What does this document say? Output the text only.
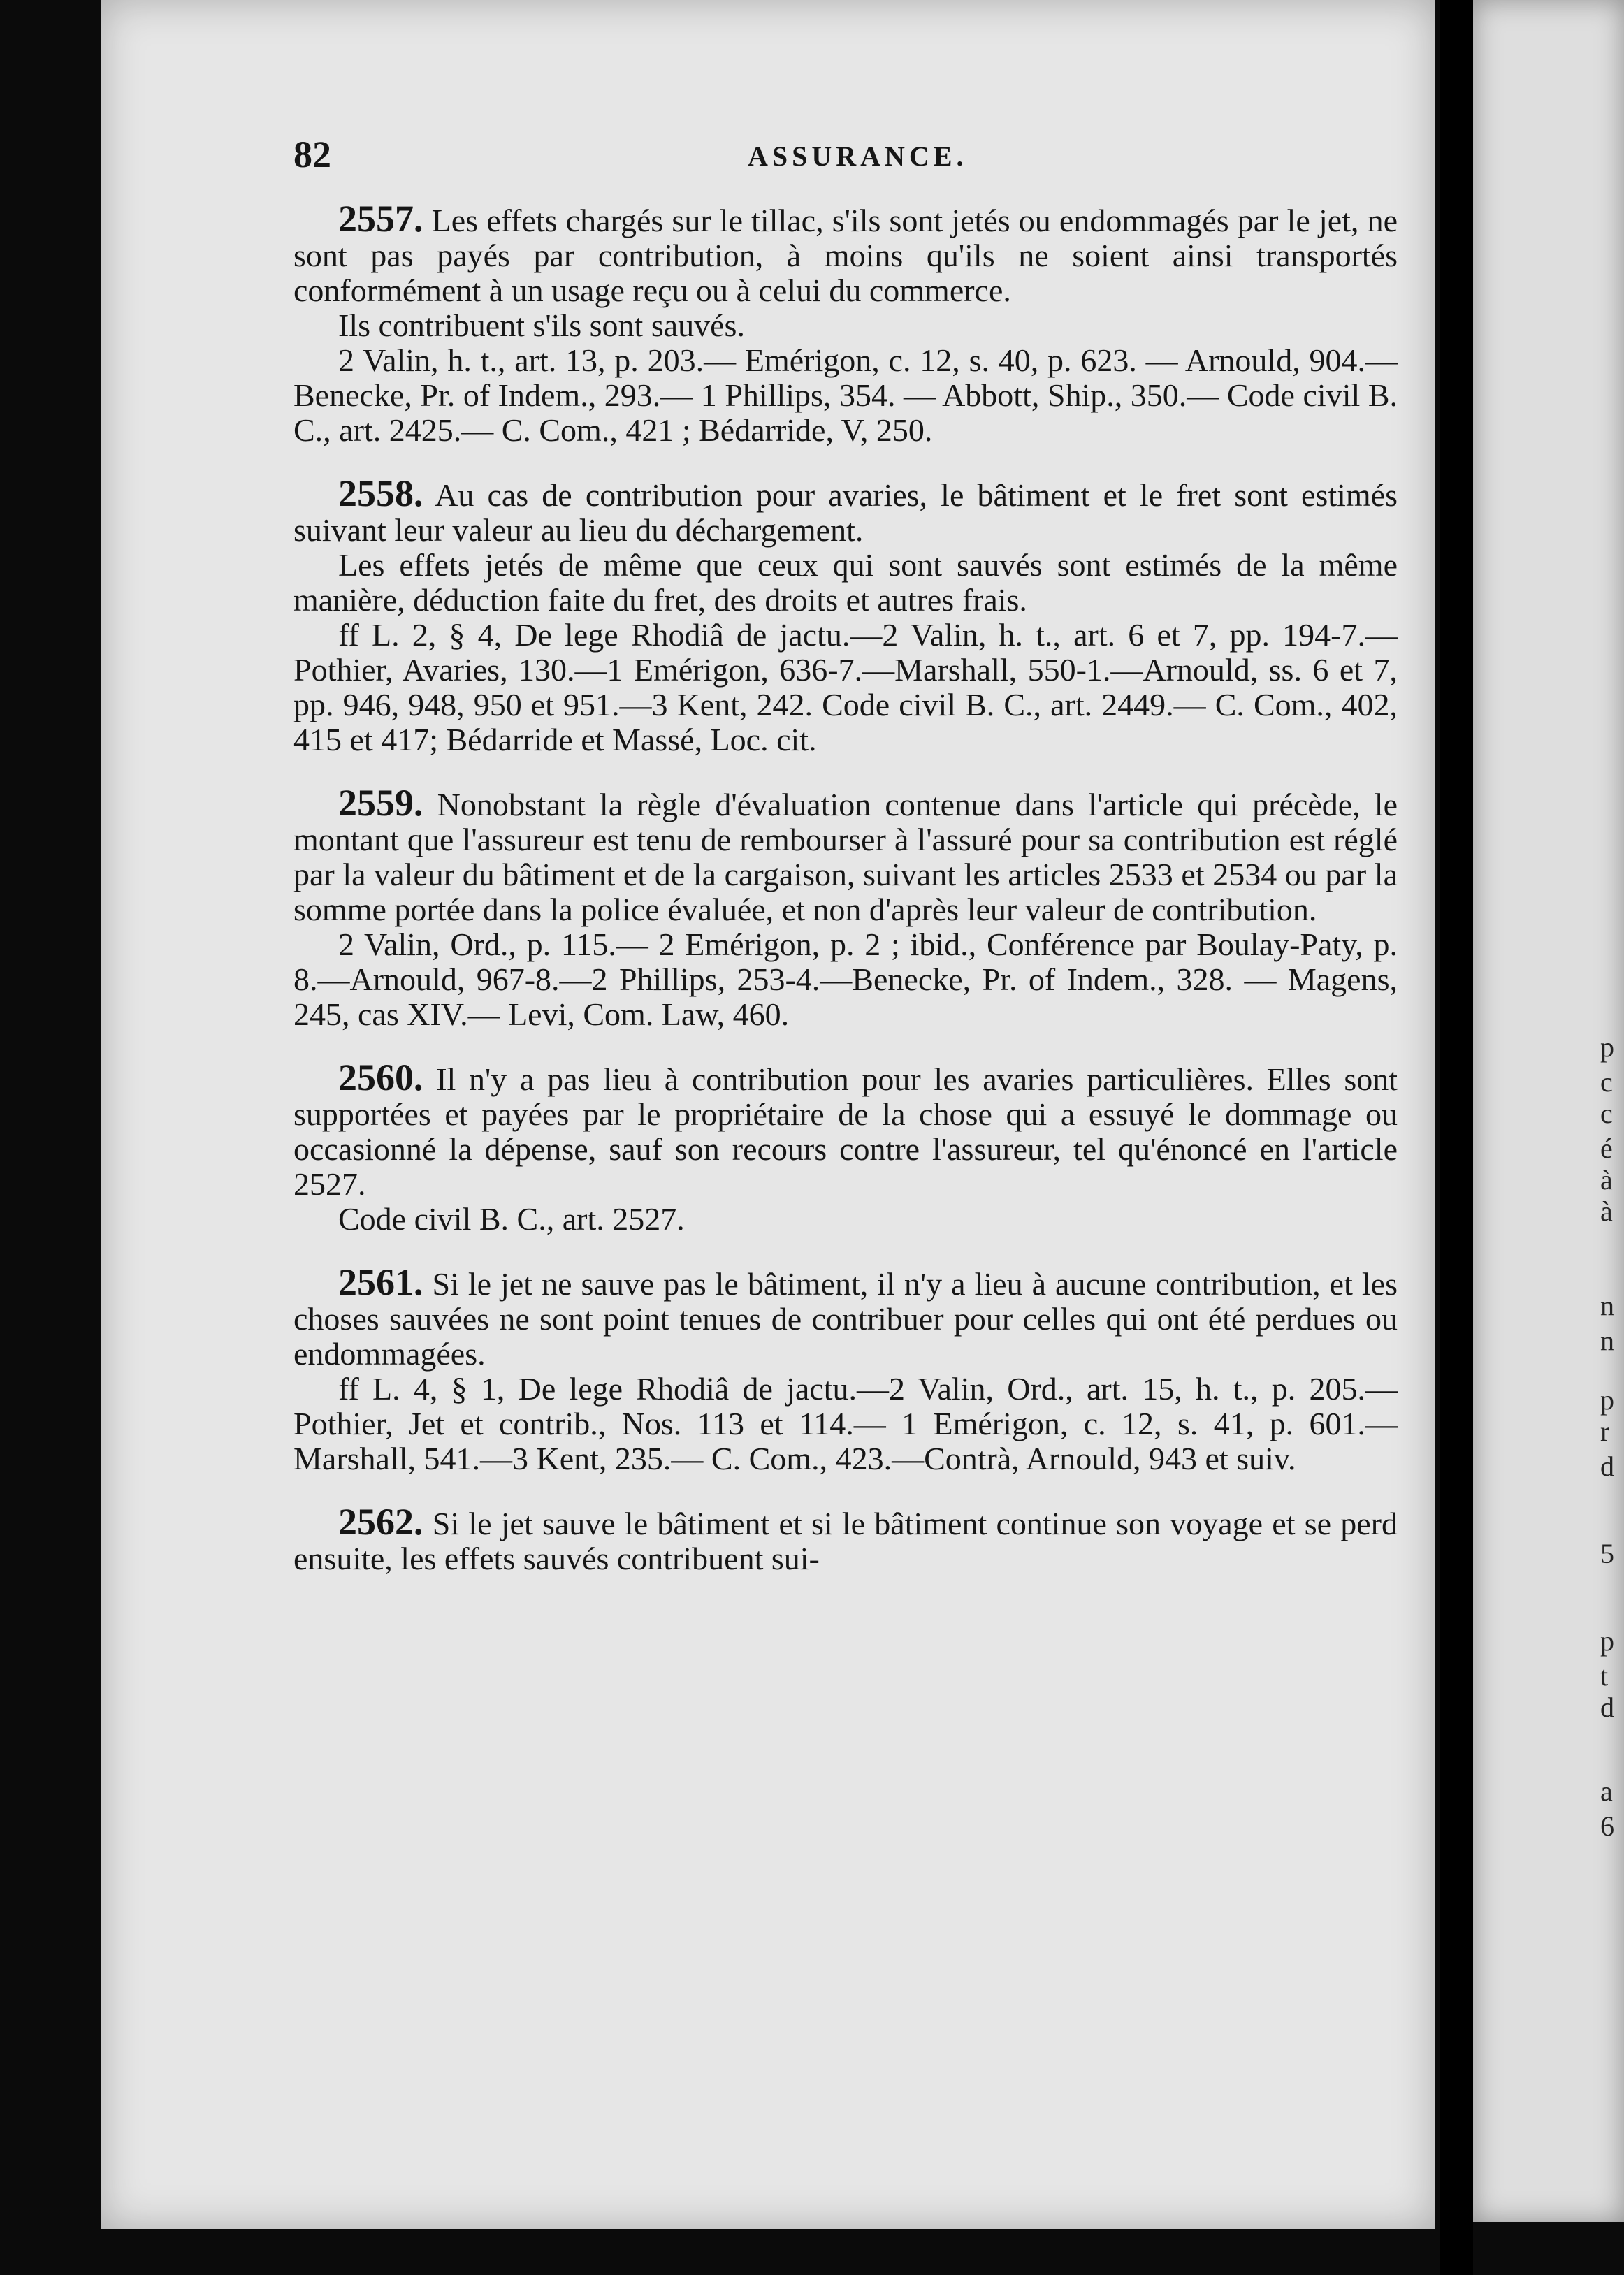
82	ASSURANCE.

2557. Les effets chargés sur le tillac, s'ils sont jetés ou endommagés par le jet, ne sont pas payés par contribution, à moins qu'ils ne soient ainsi transportés conformément à un usage reçu ou à celui du commerce.

Ils contribuent s'ils sont sauvés.

2 Valin, h. t., art. 13, p. 203.— Emérigon, c. 12, s. 40, p. 623. — Arnould, 904.—Benecke, Pr. of Indem., 293.— 1 Phillips, 354. — Abbott, Ship., 350.— Code civil B. C., art. 2425.— C. Com., 421 ; Bédarride, V, 250.

2558. Au cas de contribution pour avaries, le bâtiment et le fret sont estimés suivant leur valeur au lieu du déchargement.

Les effets jetés de même que ceux qui sont sauvés sont estimés de la même manière, déduction faite du fret, des droits et autres frais.

ff L. 2, § 4, De lege Rhodiâ de jactu.—2 Valin, h. t., art. 6 et 7, pp. 194-7.—Pothier, Avaries, 130.—1 Emérigon, 636-7.—Marshall, 550-1.—Arnould, ss. 6 et 7, pp. 946, 948, 950 et 951.—3 Kent, 242. Code civil B. C., art. 2449.— C. Com., 402, 415 et 417; Bédarride et Massé, Loc. cit.

2559. Nonobstant la règle d'évaluation contenue dans l'article qui précède, le montant que l'assureur est tenu de rembourser à l'assuré pour sa contribution est réglé par la valeur du bâtiment et de la cargaison, suivant les articles 2533 et 2534 ou par la somme portée dans la police évaluée, et non d'après leur valeur de contribution.

2 Valin, Ord., p. 115.— 2 Emérigon, p. 2 ; ibid., Conférence par Boulay-Paty, p. 8.—Arnould, 967-8.—2 Phillips, 253-4.—Benecke, Pr. of Indem., 328. — Magens, 245, cas XIV.— Levi, Com. Law, 460.

2560. Il n'y a pas lieu à contribution pour les avaries particulières. Elles sont supportées et payées par le propriétaire de la chose qui a essuyé le dommage ou occasionné la dépense, sauf son recours contre l'assureur, tel qu'énoncé en l'article 2527.

Code civil B. C., art. 2527.

2561. Si le jet ne sauve pas le bâtiment, il n'y a lieu à aucune contribution, et les choses sauvées ne sont point tenues de contribuer pour celles qui ont été perdues ou endommagées.

ff L. 4, § 1, De lege Rhodiâ de jactu.—2 Valin, Ord., art. 15, h. t., p. 205.— Pothier, Jet et contrib., Nos. 113 et 114.— 1 Emérigon, c. 12, s. 41, p. 601.—Marshall, 541.—3 Kent, 235.— C. Com., 423.—Contrà, Arnould, 943 et suiv.

2562. Si le jet sauve le bâtiment et si le bâtiment continue son voyage et se perd ensuite, les effets sauvés contribuent sui-

p
c
c
é
à
à
n
n
r
d
p
5
p
t
d
a
6
